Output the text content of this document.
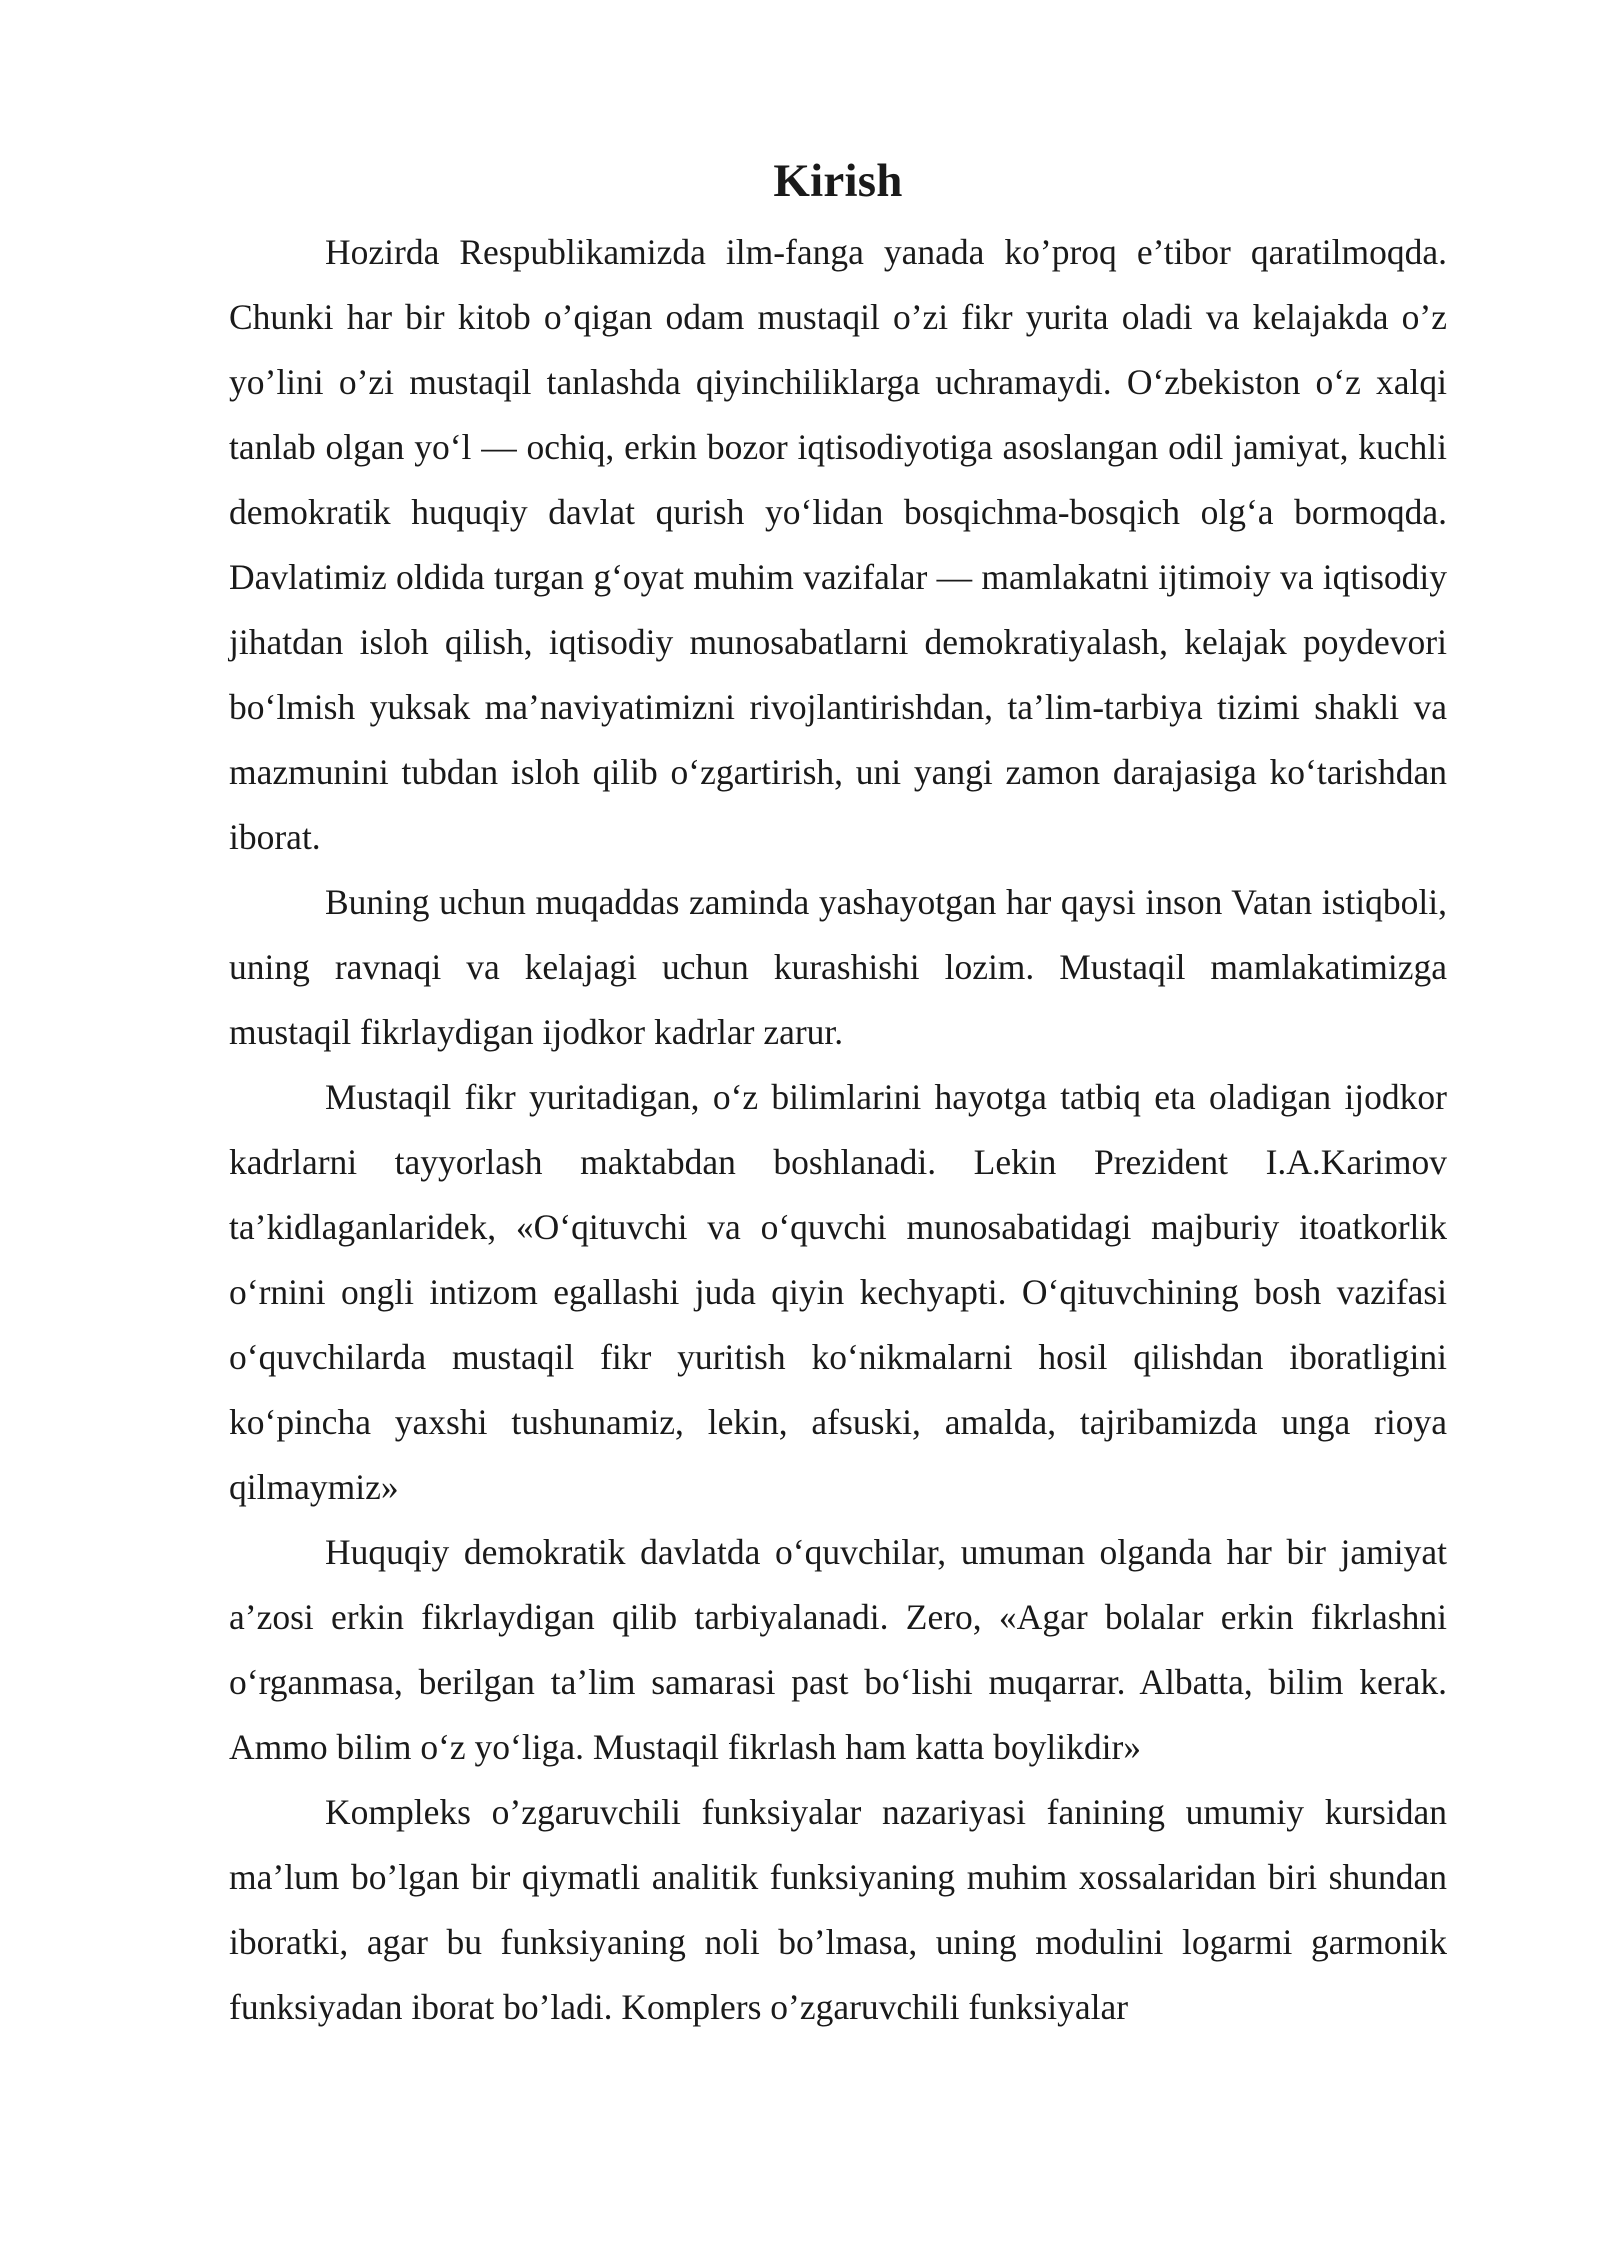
Kirish

Hozirda Respublikamizda ilm-fanga yanada ko’proq e’tibor qaratilmoqda. Chunki har bir kitob o’qigan odam mustaqil o’zi fikr yurita oladi va kelajakda o’z yo’lini o’zi mustaqil tanlashda qiyinchiliklarga uchramaydi. O‘zbekiston o‘z xalqi tanlab olgan yo‘l — ochiq, erkin bozor iqtisodiyotiga asoslangan odil jamiyat, kuchli demokratik huquqiy davlat qurish yo‘lidan bosqichma-bosqich olg‘a bormoqda. Davlatimiz oldida turgan g‘oyat muhim vazifalar — mamlakatni ijtimoiy va iqtisodiy jihatdan isloh qilish, iqtisodiy munosabatlarni demokratiyalash, kelajak poydevori bo‘lmish yuksak ma’naviyatimizni rivojlantirishdan, ta’lim-tarbiya tizimi shakli va mazmunini tubdan isloh qilib o‘zgartirish, uni yangi zamon darajasiga ko‘tarishdan iborat.

Buning uchun muqaddas zaminda yashayotgan har qaysi inson Vatan istiqboli, uning ravnaqi va kelajagi uchun kurashishi lozim. Mustaqil mamlakatimizga mustaqil fikrlaydigan ijodkor kadrlar zarur.

Mustaqil fikr yuritadigan, o‘z bilimlarini hayotga tatbiq eta oladigan ijodkor kadrlarni tayyorlash maktabdan boshlanadi. Lekin Prezident I.A.Karimov ta’kidlaganlaridek, «O‘qituvchi va o‘quvchi munosabatidagi majburiy itoatkorlik o‘rnini ongli intizom egallashi juda qiyin kechyapti. O‘qituvchining bosh vazifasi o‘quvchilarda mustaqil fikr yuritish ko‘nikmalarni hosil qilishdan iboratligini ko‘pincha yaxshi tushunamiz, lekin, afsuski, amalda, tajribamizda unga rioya qilmaymiz»

Huquqiy demokratik davlatda o‘quvchilar, umuman olganda har bir jamiyat a’zosi erkin fikrlaydigan qilib tarbiyalanadi. Zero, «Agar bolalar erkin fikrlashni o‘rganmasa, berilgan ta’lim samarasi past bo‘lishi muqarrar. Albatta, bilim kerak. Ammo bilim o‘z yo‘liga. Mustaqil fikrlash ham katta boylikdir»

Kompleks o’zgaruvchili funksiyalar nazariyasi fanining umumiy kursidan ma’lum bo’lgan bir qiymatli analitik funksiyaning muhim xossalaridan biri shundan iboratki, agar bu funksiyaning noli bo’lmasa, uning modulini logarmi garmonik funksiyadan iborat bo’ladi. Komplers o’zgaruvchili funksiyalar
